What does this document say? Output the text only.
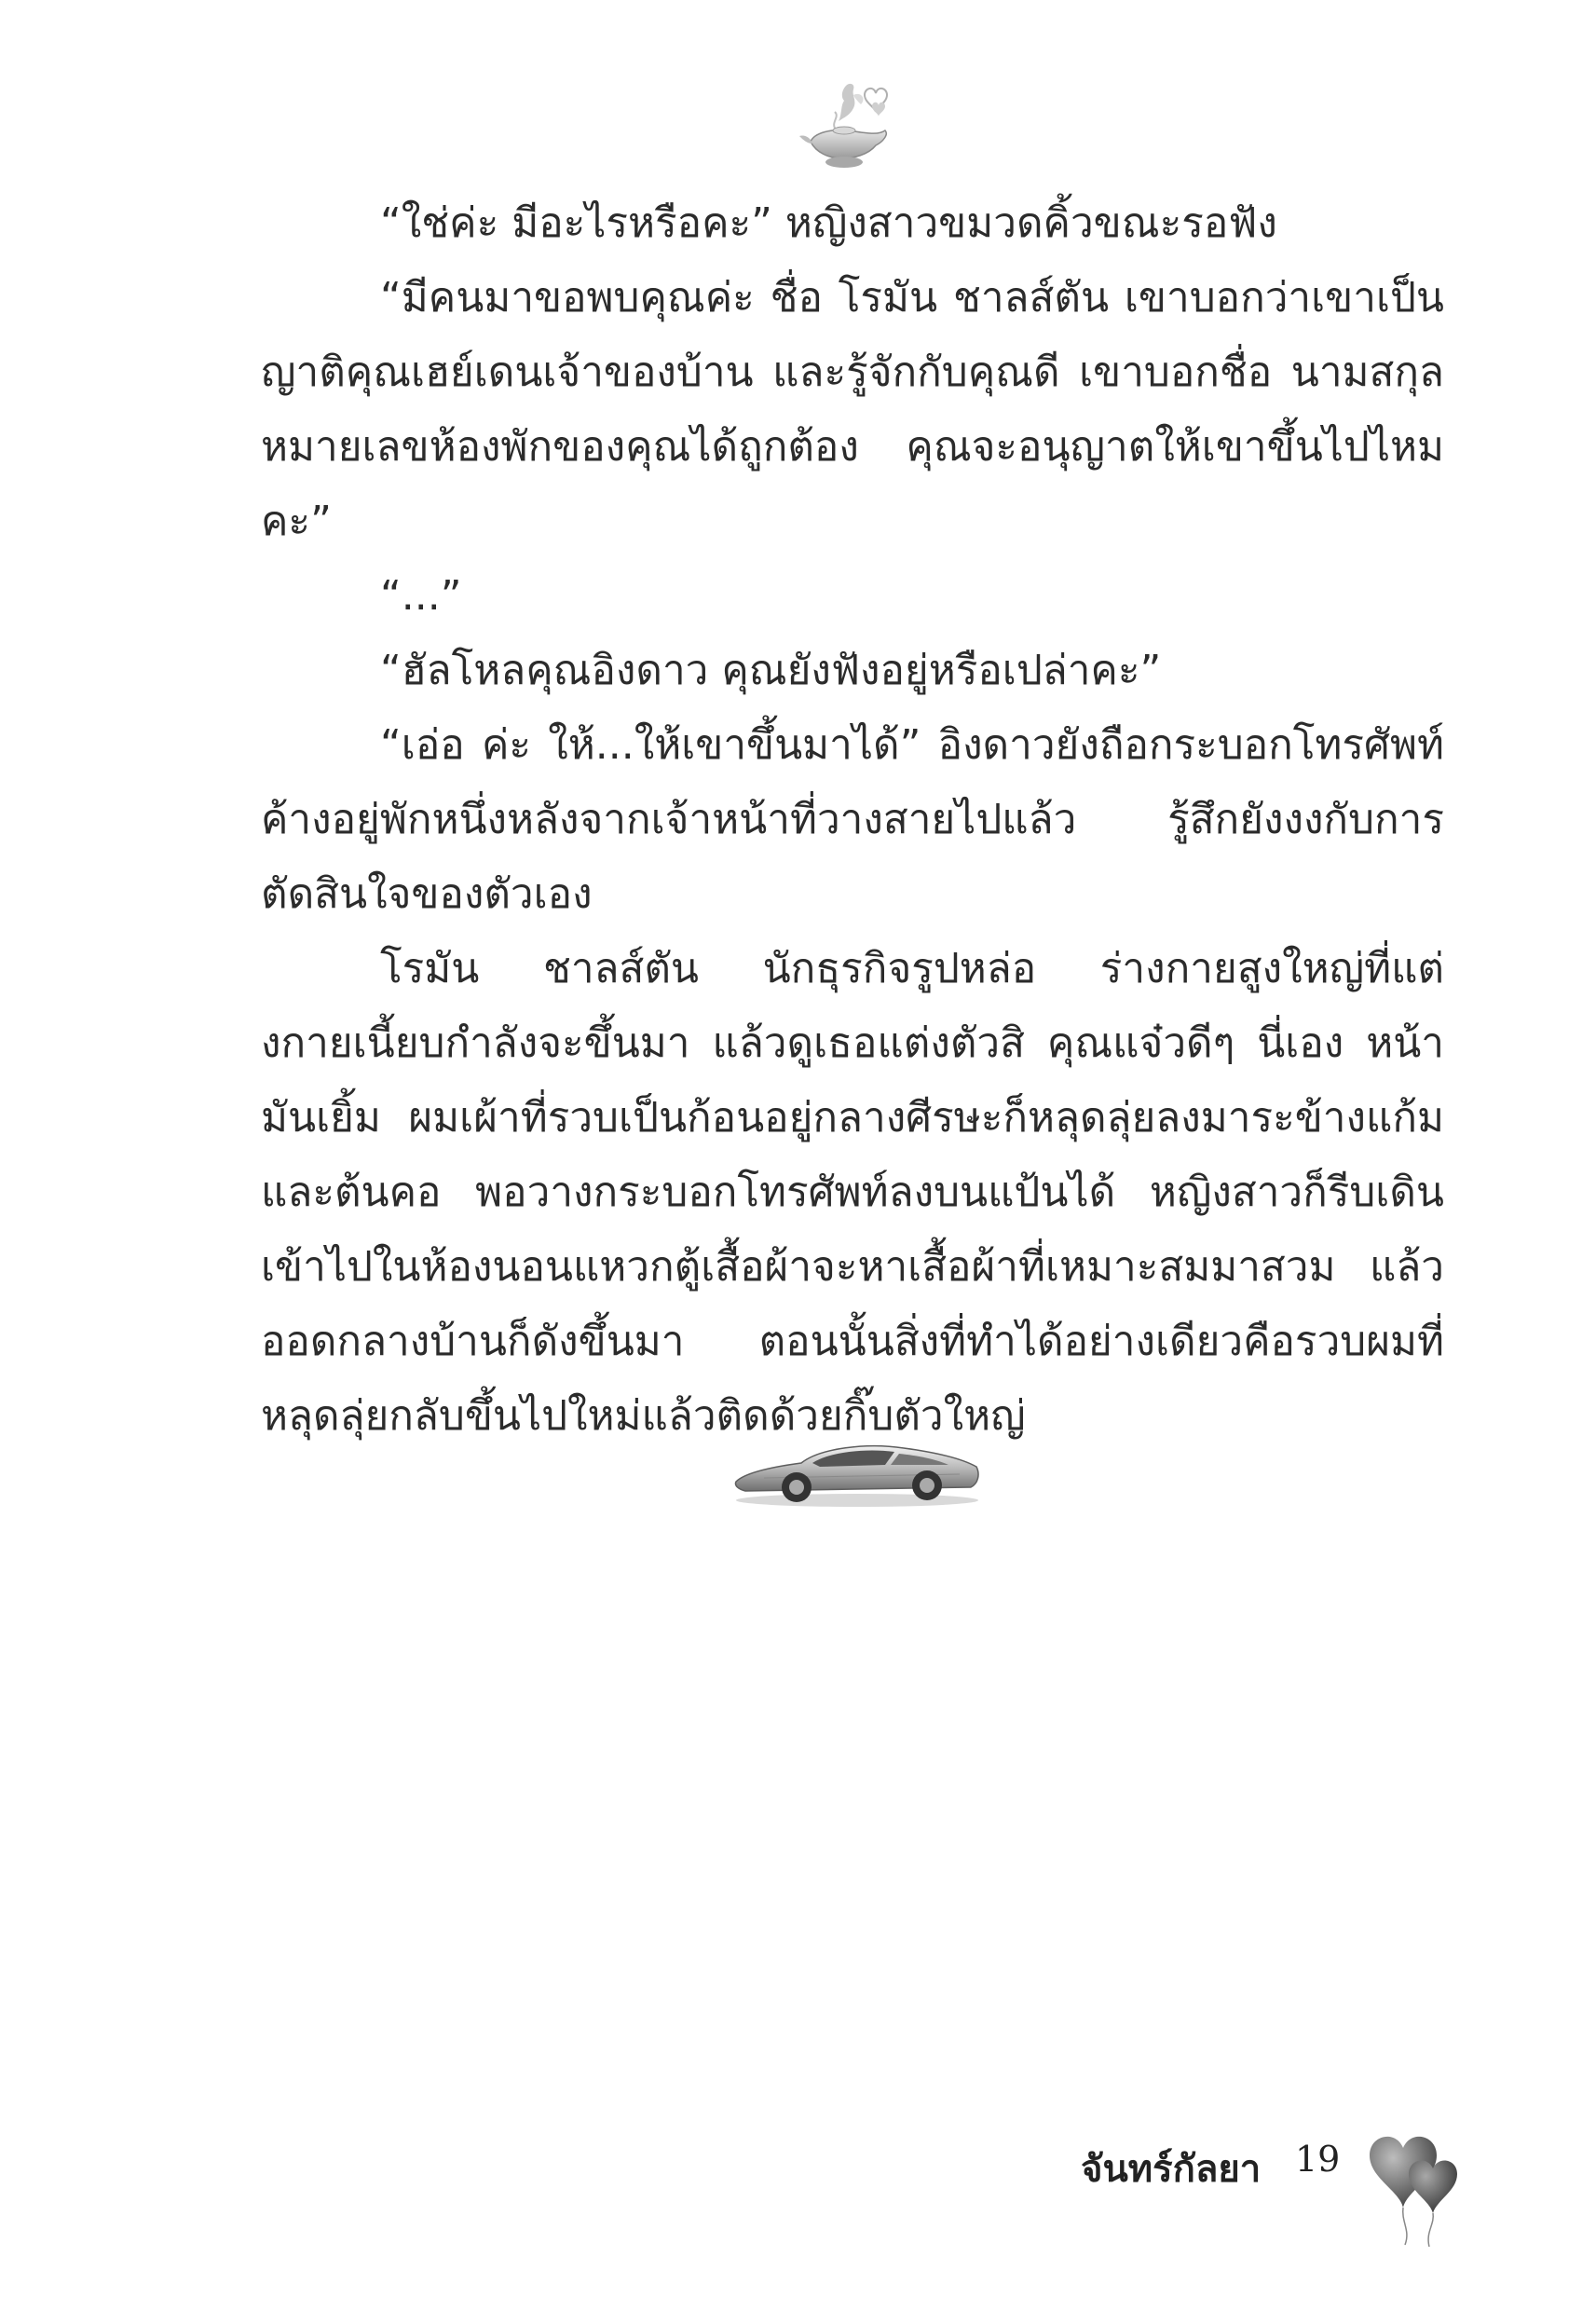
“ใช่ค่ะ มีอะไรหรือคะ” หญิงสาวขมวดคิ้วขณะรอฟัง

“มีคนมาขอพบคุณค่ะ ชื่อ โรมัน ชาลส์ตัน เขาบอกว่าเขาเป็นญาติคุณเฮย์เดนเจ้าของบ้าน และรู้จักกับคุณดี เขาบอกชื่อ นามสกุล หมายเลขห้องพักของคุณได้ถูกต้อง คุณจะอนุญาตให้เขาขึ้นไปไหมคะ”

“...”

“ฮัลโหลคุณอิงดาว คุณยังฟังอยู่หรือเปล่าคะ”

“เอ่อ ค่ะ ให้...ให้เขาขึ้นมาได้” อิงดาวยังถือกระบอกโทรศัพท์ค้างอยู่พักหนึ่งหลังจากเจ้าหน้าที่วางสายไปแล้ว รู้สึกยังงงกับการตัดสินใจของตัวเอง

โรมัน ชาลส์ตัน นักธุรกิจรูปหล่อ ร่างกายสูงใหญ่ที่แต่งกายเนี้ยบกำลังจะขึ้นมา แล้วดูเธอแต่งตัวสิ คุณแจ๋วดีๆ นี่เอง หน้ามันเยิ้ม ผมเผ้าที่รวบเป็นก้อนอยู่กลางศีรษะก็หลุดลุ่ยลงมาระข้างแก้มและต้นคอ พอวางกระบอกโทรศัพท์ลงบนแป้นได้ หญิงสาวก็รีบเดินเข้าไปในห้องนอนแหวกตู้เสื้อผ้าจะหาเสื้อผ้าที่เหมาะสมมาสวม แล้วออดกลางบ้านก็ดังขึ้นมา ตอนนั้นสิ่งที่ทำได้อย่างเดียวคือรวบผมที่หลุดลุ่ยกลับขึ้นไปใหม่แล้วติดด้วยกิ๊บตัวใหญ่

จันทร์กัลยา 19
